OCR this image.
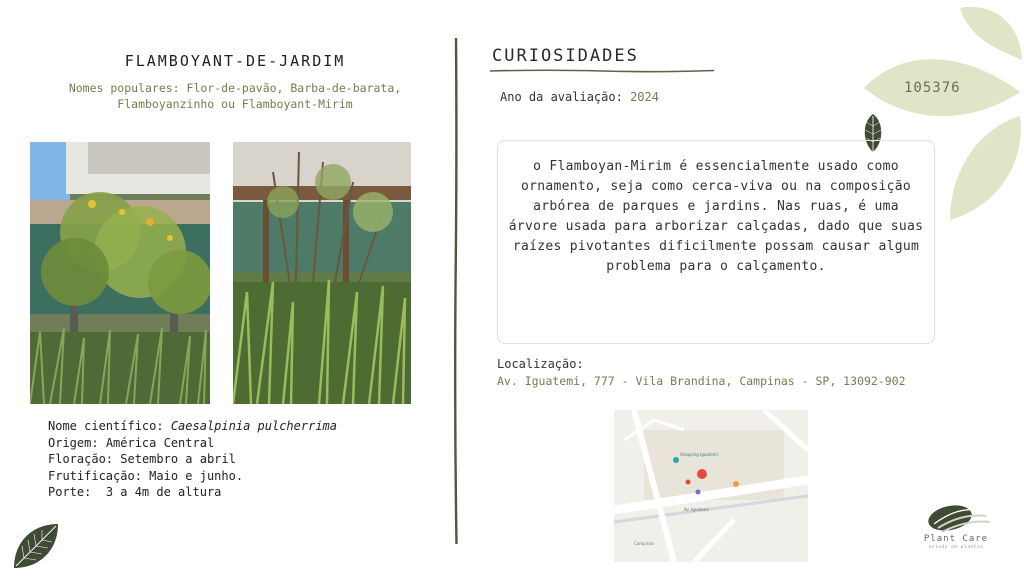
FLAMBOYANT-DE-JARDIM
Nomes populares: Flor-de-pavão, Barba-de-barata, Flamboyanzinho ou Flamboyant-Mirim
Nome científico: Caesalpinia pulcherrima
Origem: América Central
Floração: Setembro a abril
Frutificação: Maio e junho.
Porte: 3 a 4m de altura
CURIOSIDADES
Ano da avaliação: 2024
105376
o Flamboyan-Mirim é essencialmente usado como ornamento, seja como cerca-viva ou na composição arbórea de parques e jardins. Nas ruas, é uma árvore usada para arborizar calçadas, dado que suas raízes pivotantes dificilmente possam causar algum problema para o calçamento.
Localização:
Av. Iguatemi, 777 - Vila Brandina, Campinas - SP, 13092-902
Shopping Iguatemi
Av. Iguatemi
Campinas	Plant Care
estudo de plantas
